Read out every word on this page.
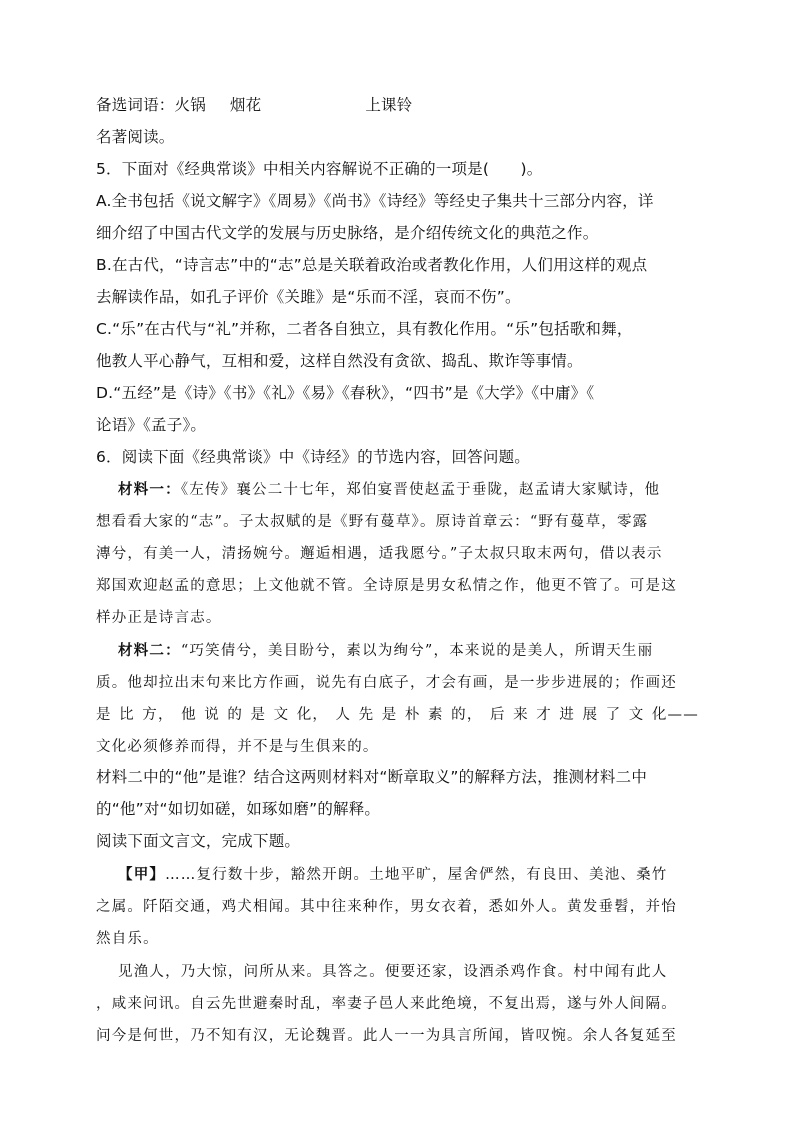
备选词语：火锅 烟花	上课铃
名著阅读。
5．下面对《经典常谈》中相关内容解说不正确的一项是(　　)。
A.全书包括《说文解字》《周易》《尚书》《诗经》等经史子集共十三部分内容，详
细介绍了中国古代文学的发展与历史脉络，是介绍传统文化的典范之作。
B.在古代，“诗言志”中的“志”总是关联着政治或者教化作用，人们用这样的观点
去解读作品，如孔子评价《关雎》是“乐而不淫，哀而不伤”。
C.“乐”在古代与“礼”并称，二者各自独立，具有教化作用。“乐”包括歌和舞，
他教人平心静气，互相和爱，这样自然没有贪欲、捣乱、欺诈等事情。
D.“五经”是《诗》《书》《礼》《易》《春秋》，“四书”是《大学》《中庸》《
论语》《孟子》。
6．阅读下面《经典常谈》中《诗经》的节选内容，回答问题。
材料一：《左传》襄公二十七年，郑伯宴晋使赵孟于垂陇，赵孟请大家赋诗，他
想看看大家的“志”。子太叔赋的是《野有蔓草》。原诗首章云：“野有蔓草，零露
漙兮，有美一人，清扬婉兮。邂逅相遇，适我愿兮。”子太叔只取末两句，借以表示
郑国欢迎赵孟的意思；上文他就不管。全诗原是男女私情之作，他更不管了。可是这
样办正是诗言志。
材料二：“巧笑倩兮，美目盼兮，素以为绚兮”，本来说的是美人，所谓天生丽
质。他却拉出末句来比方作画，说先有白底子，才会有画，是一步步进展的；作画还
是 比 方， 他 说 的 是 文 化， 人 先 是 朴 素 的， 后 来 才 进 展 了 文 化——
文化必须修养而得，并不是与生俱来的。
材料二中的“他”是谁？结合这两则材料对“断章取义”的解释方法，推测材料二中
的“他”对“如切如磋，如琢如磨”的解释。
阅读下面文言文，完成下题。
【甲】……复行数十步，豁然开朗。土地平旷，屋舍俨然，有良田、美池、桑竹
之属。阡陌交通，鸡犬相闻。其中往来种作，男女衣着，悉如外人。黄发垂髫，并怡
然自乐。
见渔人，乃大惊，问所从来。具答之。便要还家，设酒杀鸡作食。村中闻有此人
，咸来问讯。自云先世避秦时乱，率妻子邑人来此绝境，不复出焉，遂与外人间隔。
问今是何世，乃不知有汉，无论魏晋。此人一一为具言所闻，皆叹惋。余人各复延至
